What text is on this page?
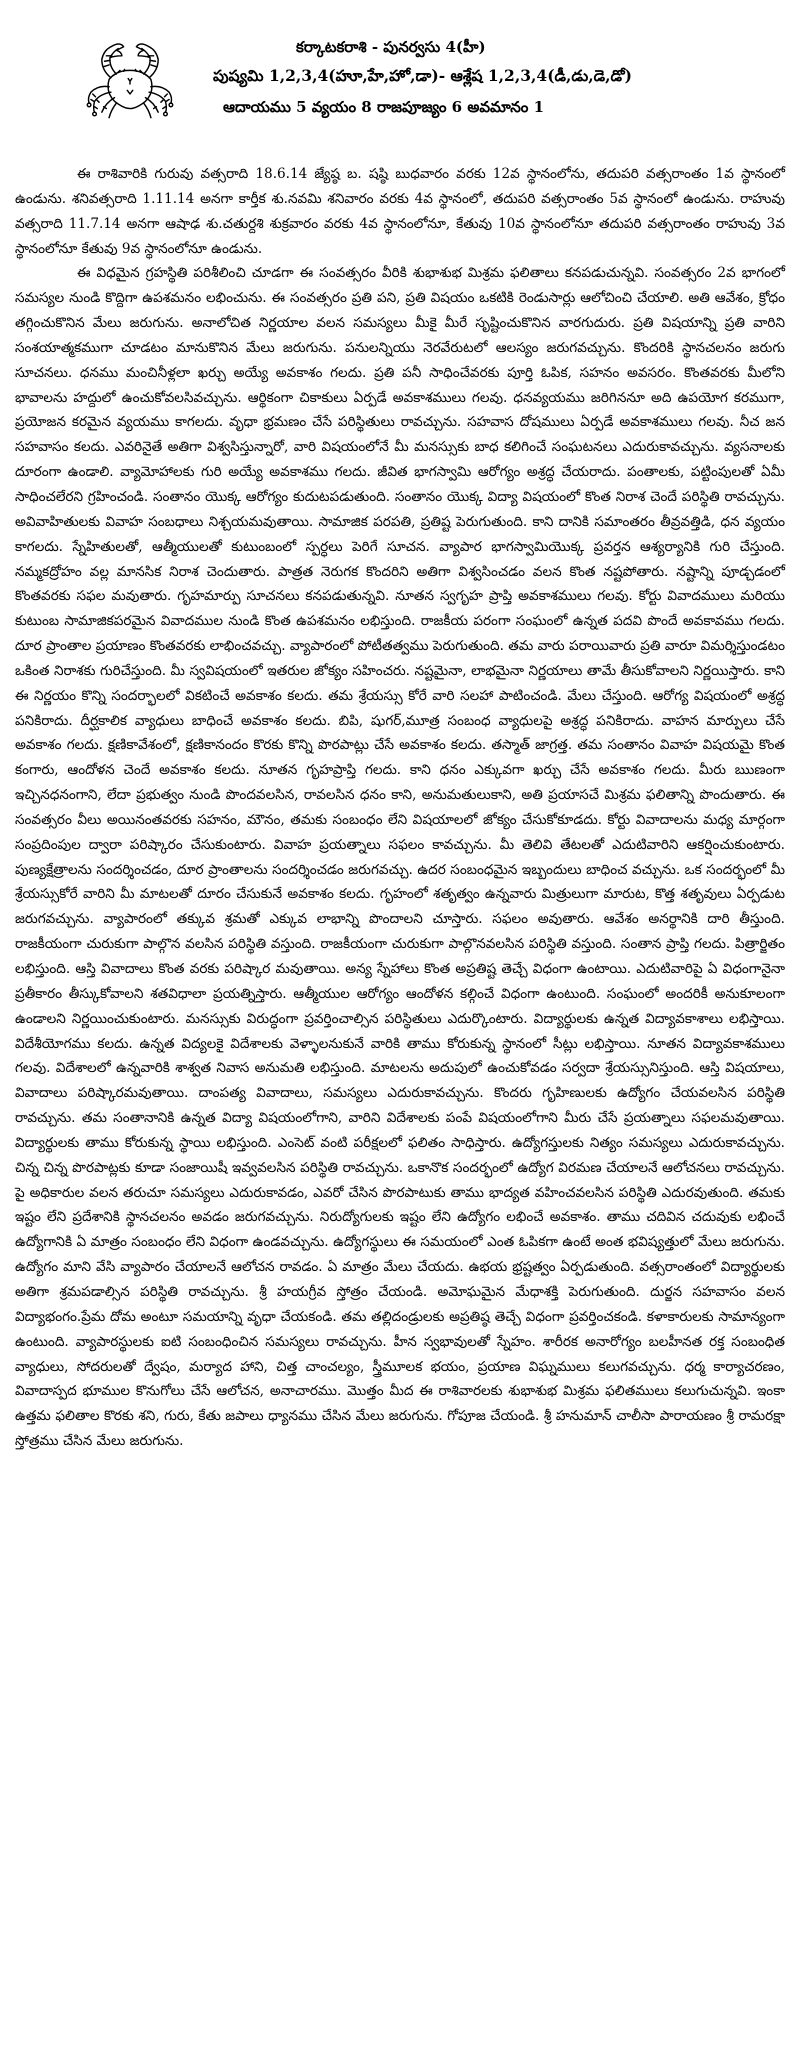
కర్కాటకరాశి - పునర్వసు 4(హీ)
పుష్యమి 1,2,3,4(హూ,హే,హో,డా)- ఆశ్లేష 1,2,3,4(డీ,డు,డె,డో)
ఆదాయము 5 వ్యయం 8 రాజపూజ్యం 6 అవమానం 1

ఈ రాశివారికి గురువు వత్సరాది 18.6.14 జ్యేష్ఠ బ. షష్ఠి బుధవారం వరకు 12వ స్థానంలోను, తదుపరి వత్సరాంతం 1వ స్థానంలో ఉండును. శనివత్సరాది 1.11.14 అనగా కార్తీక శు.నవమి శనివారం వరకు 4వ స్థానంలో, తదుపరి వత్సరాంతం 5వ స్థానంలో ఉండును. రాహువు వత్సరాది 11.7.14 అనగా ఆషాఢ శు.చతుర్దశి శుక్రవారం వరకు 4వ స్థానంలోనూ, కేతువు 10వ స్థానంలోనూ తదుపరి వత్సరాంతం రాహువు 3వ స్థానంలోనూ కేతువు 9వ స్థానంలోనూ ఉండును.

ఈ విధమైన గ్రహస్థితి పరిశీలించి చూడగా ఈ సంవత్సరం వీరికి శుభాశుభ మిశ్రమ ఫలితాలు కనపడుచున్నవి. సంవత్సరం 2వ భాగంలో సమస్యల నుండి కొద్దిగా ఉపశమనం లభించును. ఈ సంవత్సరం ప్రతి పని, ప్రతి విషయం ఒకటికి రెండుసార్లు ఆలోచించి చేయాలి. అతి ఆవేశం, క్రోధం తగ్గించుకొనిన మేలు జరుగును. అనాలోచిత నిర్ణయాల వలన సమస్యలు మీకై మీరే సృష్టించుకొనిన వారగుదురు. ప్రతి విషయాన్ని ప్రతి వారిని సంశయాత్మకముగా చూడటం మానుకొనిన మేలు జరుగును. పనులన్నియు నెరవేరుటలో ఆలస్యం జరుగవచ్చును. కొందరికి స్థానచలనం జరుగు సూచనలు. ధనము మంచినీళ్లలా ఖర్చు అయ్యే అవకాశం గలదు. ప్రతి పనీ సాధించేవరకు పూర్తి ఓపిక, సహనం అవసరం. కొంతవరకు మీలోని భావాలను హద్దులో ఉంచుకోవలసివచ్చును. ఆర్థికంగా చికాకులు ఏర్పడే అవకాశములు గలవు. ధనవ్యయము జరిగిననూ అది ఉపయోగ కరముగా, ప్రయోజన కరమైన వ్యయము కాగలదు. వృధా భ్రమణం చేసే పరిస్థితులు రావచ్చును. సహవాస దోషములు ఏర్పడే అవకాశములు గలవు. నీచ జన సహవాసం కలదు. ఎవరినైతే అతిగా విశ్వసిస్తున్నారో, వారి విషయంలోనే మీ మనస్సుకు బాధ కలిగించే సంఘటనలు ఎదురుకావచ్చును. వ్యసనాలకు దూరంగా ఉండాలి. వ్యామోహాలకు గురి అయ్యే అవకాశము గలదు. జీవిత భాగస్వామి ఆరోగ్యం అశ్రద్ధ చేయరాదు. పంతాలకు, పట్టింపులతో ఏమీ సాధించలేరని గ్రహించండి. సంతానం యొక్క ఆరోగ్యం కుదుటపడుతుంది. సంతానం యొక్క విద్యా విషయంలో కొంత నిరాశ చెందే పరిస్థితి రావచ్చును. అవివాహితులకు వివాహ సంబధాలు నిశ్చయమవుతాయి. సామాజిక పరపతి, ప్రతిష్ట పెరుగుతుంది. కాని దానికి సమాంతరం తీవ్రవత్తిడి, ధన వ్యయం కాగలదు. స్నేహితులతో, ఆత్మీయులతో కుటుంబంలో స్పర్ధలు పెరిగే సూచన. వ్యాపార భాగస్వామియొక్క ప్రవర్తన ఆశ్యర్యానికి గురి చేస్తుంది. నమ్మకద్రోహం వల్ల మానసిక నిరాశ చెందుతారు. పాత్రత నెరుగక కొందరిని అతిగా విశ్వసించడం వలన కొంత నష్టపోతారు. నష్టాన్ని పూడ్చడంలో కొంతవరకు సఫల మవుతారు. గృహమార్పు సూచనలు కనపడుతున్నవి. నూతన స్వగృహ ప్రాప్తి అవకాశములు గలవు. కోర్టు వివాదములు మరియు కుటుంబ సామాజికపరమైన వివాదముల నుండి కొంత ఉపశమనం లభిస్తుంది. రాజకీయ పరంగా సంఘంలో ఉన్నత పదవి పొందే అవకావము గలదు. దూర ప్రాంతాల ప్రయాణం కొంతవరకు లాభించవచ్చు. వ్యాపారంలో పోటీతత్వము పెరుగుతుంది. తమ వారు పరాయివారు ప్రతి వారూ విమర్శిస్తుండటం ఒకింత నిరాశకు గురిచేస్తుంది. మీ స్వవిషయంలో ఇతరుల జోక్యం సహించరు. నష్టమైనా, లాభమైనా నిర్ణయాలు తామే తీసుకోవాలని నిర్ణయిస్తారు. కాని ఈ నిర్ణయం కొన్ని సందర్భాలలో వికటించే అవకాశం కలదు. తమ శ్రేయస్సు కోరే వారి సలహా పాటించండి. మేలు చేస్తుంది. ఆరోగ్య విషయంలో అశ్రద్ధ పనికిరాదు. దీర్ఘకాలిక వ్యాధులు బాధించే అవకాశం కలదు. బిపి, షుగర్,మూత్ర సంబంధ వ్యాధులపై అశ్రద్ధ పనికిరాదు. వాహన మార్పులు చేసే అవకాశం గలదు. క్షణికావేశంలో, క్షణికానందం కొరకు కొన్ని పొరపాట్లు చేసే అవకాశం కలదు. తస్మాత్ జాగ్రత్త. తమ సంతానం వివాహ విషయమై కొంత కంగారు, ఆందోళన చెందే అవకాశం కలదు. నూతన గృహప్రాప్తి గలదు. కాని ధనం ఎక్కువగా ఖర్చు చేసే అవకాశం గలదు. మీరు ఋణంగా ఇచ్చినధనంగాని, లేదా ప్రభుత్వం నుండి పొందవలసిన, రావలసిన ధనం కాని, అనుమతులుకాని, అతి ప్రయాసచే మిశ్రమ ఫలితాన్ని పొందుతారు. ఈ సంవత్సరం వీలు అయినంతవరకు సహనం, మౌనం, తమకు సంబంధం లేని విషయాలలో జోక్యం చేసుకోకూడదు. కోర్టు వివాదాలను మధ్య మార్గంగా సంప్రదింపుల ద్వారా పరిష్కారం చేసుకుంటారు. వివాహ ప్రయత్నాలు సఫలం కావచ్చును. మీ తెలివి తేటలతో ఎదుటివారిని ఆకర్షించుకుంటారు. పుణ్యక్షేత్రాలను సందర్శించడం, దూర ప్రాంతాలను సందర్శించడం జరుగవచ్చు. ఉదర సంబంధమైన ఇబ్బందులు బాధించ వచ్చును. ఒక సందర్భంలో మీ శ్రేయస్సుకోరే వారిని మీ మాటలతో దూరం చేసుకునే అవకాశం కలదు. గృహంలో శతృత్వం ఉన్నవారు మిత్రులుగా మారుట, కొత్త శతృవులు ఏర్పడుట జరుగవచ్చును. వ్యాపారంలో తక్కువ శ్రమతో ఎక్కువ లాభాన్ని పొందాలని చూస్తారు. సఫలం అవుతారు. ఆవేశం అనర్థానికి దారి తీస్తుంది. రాజకీయంగా చురుకుగా పాల్గొన వలసిన పరిస్థితి వస్తుంది. రాజకీయంగా చురుకుగా పాల్గొనవలసిన పరిస్థితి వస్తుంది. సంతాన ప్రాప్తి గలదు. పిత్రార్జితం లభిస్తుంది. ఆస్తి వివాదాలు కొంత వరకు పరిష్కార మవుతాయి. అన్య స్నేహాలు కొంత అప్రతిష్ట తెచ్చే విధంగా ఉంటాయి. ఎదుటివారిపై ఏ విధంగానైనా ప్రతీకారం తీస్కుకోవాలని శతవిధాలా ప్రయత్నిస్తారు. ఆత్మీయుల ఆరోగ్యం ఆందోళన కల్గించే విధంగా ఉంటుంది. సంఘంలో అందరికీ అనుకూలంగా ఉండాలని నిర్ణయించుకుంటారు. మనస్సుకు విరుద్ధంగా ప్రవర్తించాల్సిన పరిస్థితులు ఎదుర్కొంటారు. విద్యార్థులకు ఉన్నత విద్యావకాశాలు లభిస్తాయి. విదేశీయోగము కలదు. ఉన్నత విద్యలకై విదేశాలకు వెళ్ళాలనుకునే వారికి తాము కోరుకున్న స్థానంలో సీట్లు లభిస్తాయి. నూతన విద్యావకాశములు గలవు. విదేశాలలో ఉన్నవారికి శాశ్వత నివాస అనుమతి లభిస్తుంది. మాటలను అదుపులో ఉంచుకోవడం సర్వదా శ్రేయస్సునిస్తుంది. ఆస్తి విషయాలు, వివాదాలు పరిష్కారమవుతాయి. దాంపత్య వివాదాలు, సమస్యలు ఎదురుకావచ్చును. కొందరు గృహిణులకు ఉద్యోగం చేయవలసిన పరిస్థితి రావచ్చును. తమ సంతానానికి ఉన్నత విద్యా విషయంలోగాని, వారిని విదేశాలకు పంపే విషయంలోగాని మీరు చేసే ప్రయత్నాలు సఫలమవుతాయి. విద్యార్థులకు తాము కోరుకున్న స్థాయి లభిస్తుంది. ఎంసెట్ వంటి పరీక్షలలో ఫలితం సాధిస్తారు. ఉద్యోగస్తులకు నిత్యం సమస్యలు ఎదురుకావచ్చును. చిన్న చిన్న పొరపాట్లకు కూడా సంజాయిషీ ఇవ్వవలసిన పరిస్థితి రావచ్చును. ఒకానొక సందర్భంలో ఉద్యోగ విరమణ చేయాలనే ఆలోచనలు రావచ్చును. పై అధికారుల వలన తరుచూ సమస్యలు ఎదురుకావడం, ఎవరో చేసిన పొరపాటుకు తాము భాద్యత వహించవలసిన పరిస్థితి ఎదురవుతుంది. తమకు ఇష్టం లేని ప్రదేశానికి స్థానచలనం అవడం జరుగవచ్చును. నిరుద్యోగులకు ఇష్టం లేని ఉద్యోగం లభించే అవకాశం. తాము చదివిన చదువుకు లభించే ఉద్యోగానికి ఏ మాత్రం సంబంధం లేని విధంగా ఉండవచ్చును. ఉద్యోగస్థులు ఈ సమయంలో ఎంత ఓపికగా ఉంటే అంత భవిష్యత్తులో మేలు జరుగును. ఉద్యోగం మాని వేసి వ్యాపారం చేయాలనే ఆలోచన రావడం. ఏ మాత్రం మేలు చేయదు. ఉభయ భ్రష్టత్వం ఏర్పడుతుంది. వత్సరాంతంలో విద్యార్థులకు అతిగా శ్రమపడాల్సిన పరిస్థితి రావచ్చును. శ్రీ హయగ్రీవ స్తోత్రం చేయండి. అమోఘమైన మేధాశక్తి పెరుగుతుంది. దుర్జన సహవాసం వలన విద్యాభంగం.ప్రేమ దోమ అంటూ సమయాన్ని వృధా చేయకండి. తమ తల్లిదండ్రులకు అప్రతిష్ఠ తెచ్చే విధంగా ప్రవర్తించకండి. కళాకారులకు సామాన్యంగా ఉంటుంది. వ్యాపారస్థులకు ఐటి సంబంధించిన సమస్యలు రావచ్చును. హీన స్వభావులతో స్నేహం. శారీరక అనారోగ్యం బలహీనత రక్త సంబంధిత వ్యాధులు, సోదరులతో ద్వేషం, మర్యాద హాని, చిత్త చాంచల్యం, స్త్రీమూలక భయం, ప్రయాణ విఘ్నములు కలుగవచ్చును. ధర్మ కార్యాచరణం, వివాదాస్పద భూముల కొనుగోలు చేసే ఆలోచన, అనాచారము. మొత్తం మీద ఈ రాశివారలకు శుభాశుభ మిశ్రమ ఫలితములు కలుగుచున్నవి. ఇంకా ఉత్తమ ఫలితాల కొరకు శని, గురు, కేతు జపాలు ధ్యానము చేసిన మేలు జరుగును. గోపూజ చేయండి. శ్రీ హనుమాన్ చాలీసా పారాయణం శ్రీ రామరక్షా స్తోత్రము చేసిన మేలు జరుగును.
